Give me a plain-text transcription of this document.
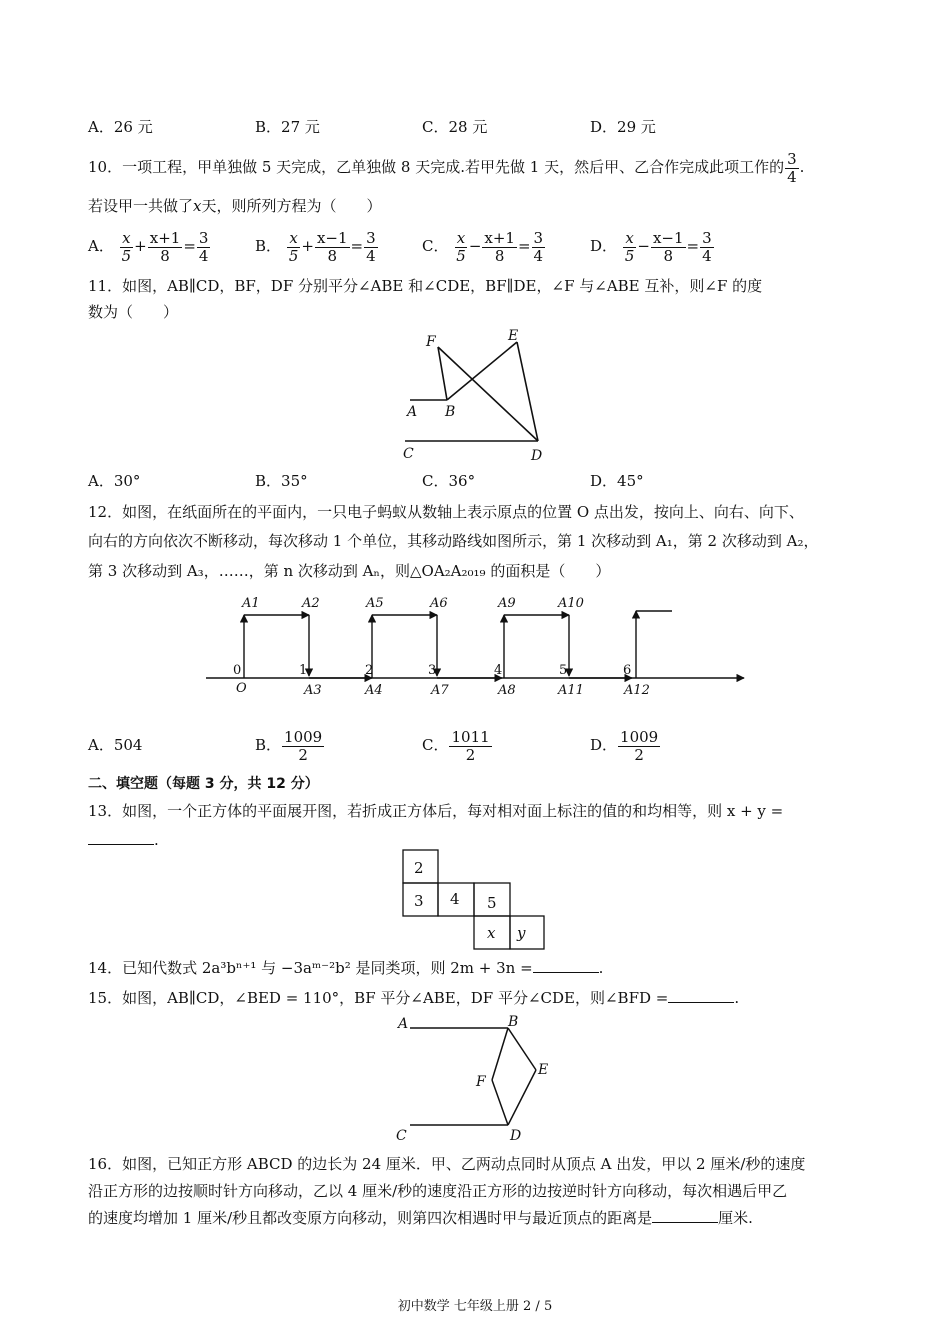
A．26 元	B．27 元	C．28 元	D．29 元
10．一项工程，甲单独做 5 天完成，乙单独做 8 天完成.若甲先做 1 天，然后甲、乙合作完成此项工作的 $\frac{3}{4}$ .
若设甲一共做了x天，则所列方程为（　　）
A． $\frac{x}{5} + \frac{x+1}{8} = \frac{3}{4}$	B． $\frac{x}{5} + \frac{x-1}{8} = \frac{3}{4}$	C． $\frac{x}{5} - \frac{x+1}{8} = \frac{3}{4}$	D． $\frac{x}{5} - \frac{x-1}{8} = \frac{3}{4}$
11．如图，AB∥CD，BF，DF 分别平分∠ABE 和∠CDE，BF∥DE，∠F 与∠ABE 互补，则∠F 的度
数为（　　）
F	E
A B
C	D
A．30°	B．35°	C．36°	D．45°
12．如图，在纸面所在的平面内，一只电子蚂蚁从数轴上表示原点的位置 O 点出发，按向上、向右、向下、
向右的方向依次不断移动，每次移动 1 个单位，其移动路线如图所示，第 1 次移动到 A₁，第 2 次移动到 A₂，
第 3 次移动到 A₃，……，第 n 次移动到 Aₙ，则△OA₂A₂₀₁₉ 的面积是（　　）
A1	A2	A5	A6	A9	A10
A3	A4	A7	A8	A11	A12
O
0	1	2	3	4	5	6
A．504	B． $\frac{1009}{2}$	C． $\frac{1011}{2}$	D． $\frac{1009}{2}$
二、填空题（每题 3 分，共 12 分）
13．如图，一个正方体的平面展开图，若折成正方体后，每对相对面上标注的值的和均相等，则 x + y =
.
2
3 4 5
x y
14．已知代数式 2a³bⁿ⁺¹ 与 −3aᵐ⁻²b² 是同类项，则 2m + 3n =	.
15．如图，AB∥CD，∠BED = 110°，BF 平分∠ABE，DF 平分∠CDE，则∠BFD =	.
A	B
F
E
C	D
16．如图，已知正方形 ABCD 的边长为 24 厘米．甲、乙两动点同时从顶点 A 出发，甲以 2 厘米/秒的速度
沿正方形的边按顺时针方向移动，乙以 4 厘米/秒的速度沿正方形的边按逆时针方向移动，每次相遇后甲乙
的速度均增加 1 厘米/秒且都改变原方向移动，则第四次相遇时甲与最近顶点的距离是	厘米.
初中数学 七年级上册 2 / 5
